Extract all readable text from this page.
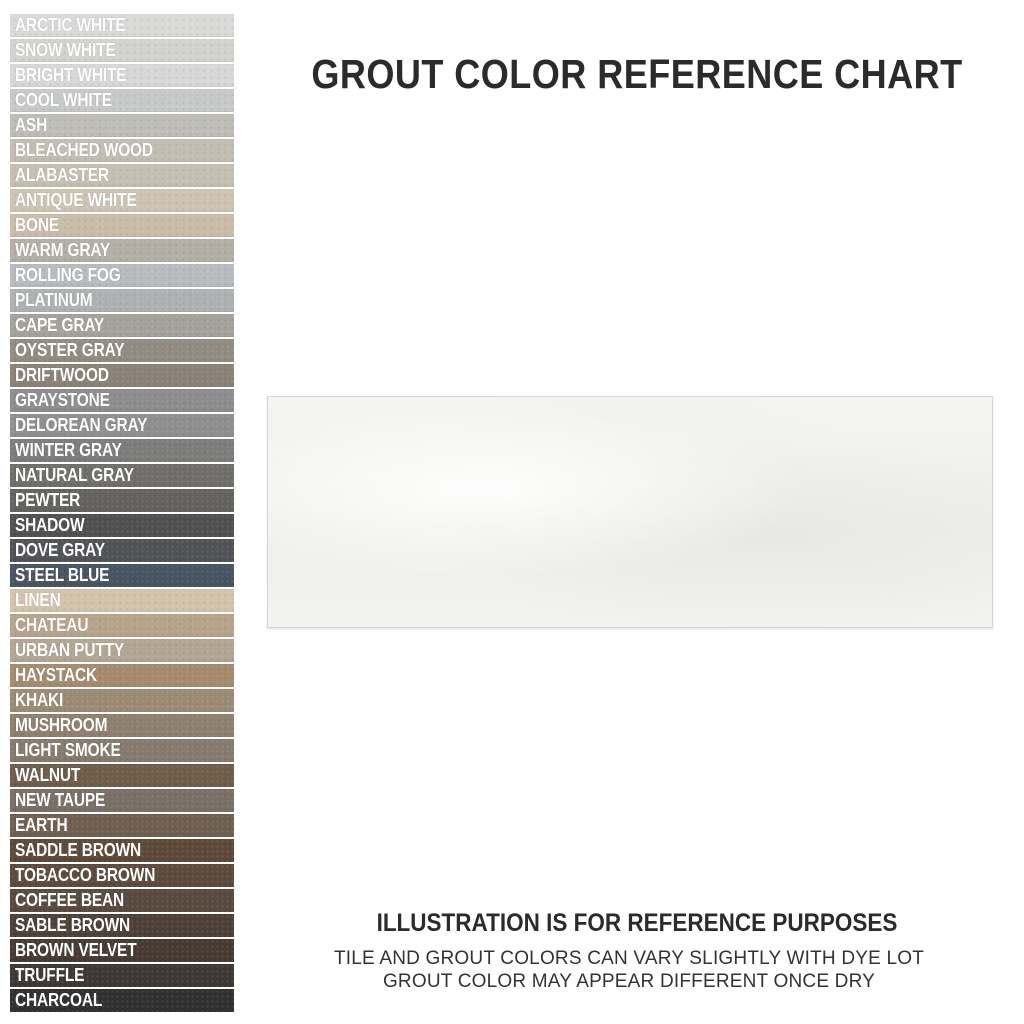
ARCTIC WHITE
SNOW WHITE
BRIGHT WHITE
COOL WHITE
ASH
BLEACHED WOOD
ALABASTER
ANTIQUE WHITE
BONE
WARM GRAY
ROLLING FOG
PLATINUM
CAPE GRAY
OYSTER GRAY
DRIFTWOOD
GRAYSTONE
DELOREAN GRAY
WINTER GRAY
NATURAL GRAY
PEWTER
SHADOW
DOVE GRAY
STEEL BLUE
LINEN
CHATEAU
URBAN PUTTY
HAYSTACK
KHAKI
MUSHROOM
LIGHT SMOKE
WALNUT
NEW TAUPE
EARTH
SADDLE BROWN
TOBACCO BROWN
COFFEE BEAN
SABLE BROWN
BROWN VELVET
TRUFFLE
CHARCOAL
GROUT COLOR REFERENCE CHART
ILLUSTRATION IS FOR REFERENCE PURPOSES

TILE AND GROUT COLORS CAN VARY SLIGHTLY WITH DYE LOT

GROUT COLOR MAY APPEAR DIFFERENT ONCE DRY
